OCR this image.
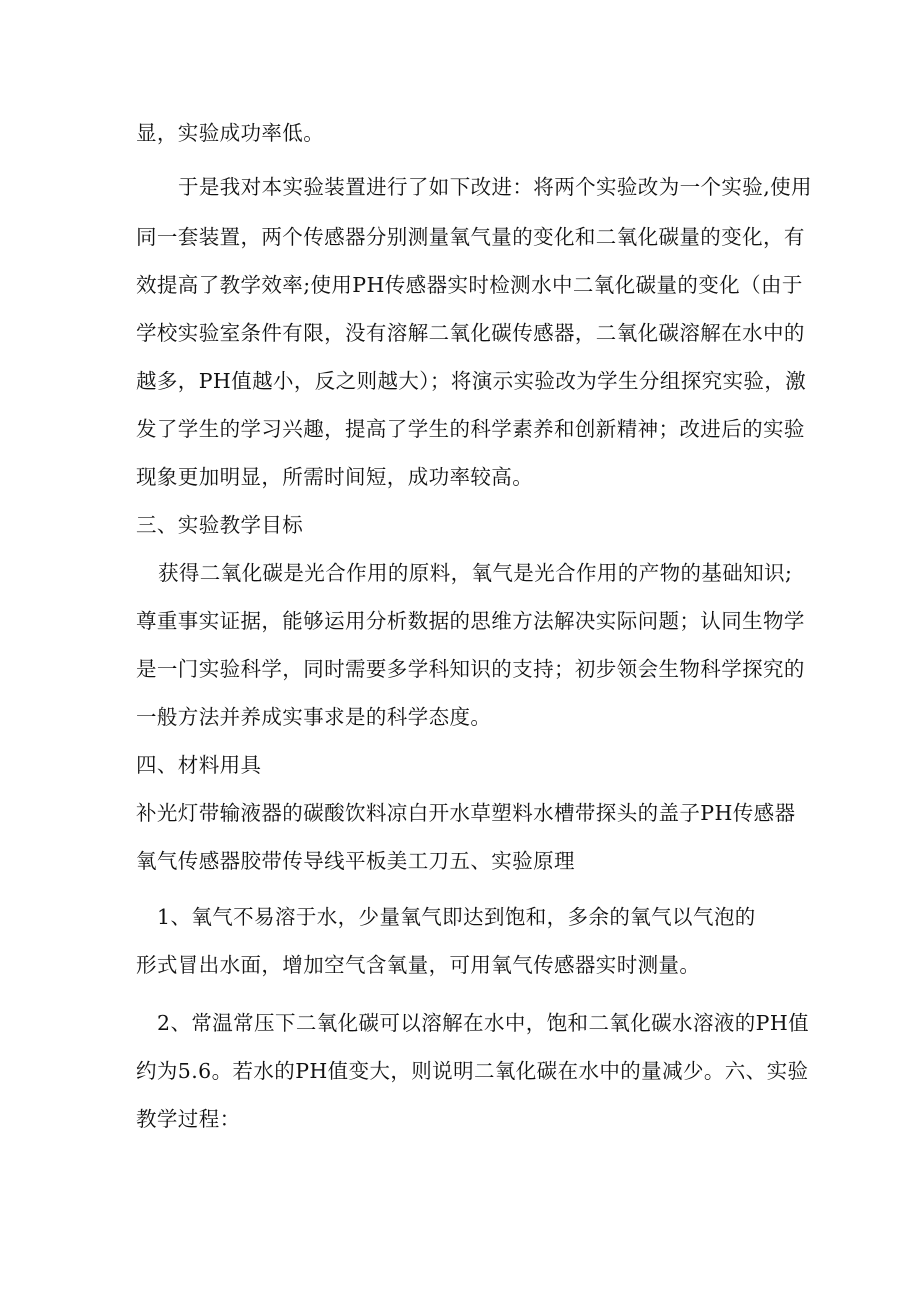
显，实验成功率低。

于是我对本实验装置进行了如下改进：将两个实验改为一个实验,使用

同一套装置，两个传感器分别测量氧气量的变化和二氧化碳量的变化，有

效提高了教学效率;使用PH传感器实时检测水中二氧化碳量的变化（由于

学校实验室条件有限，没有溶解二氧化碳传感器，二氧化碳溶解在水中的

越多，PH值越小，反之则越大）；将演示实验改为学生分组探究实验，激

发了学生的学习兴趣，提高了学生的科学素养和创新精神；改进后的实验

现象更加明显，所需时间短，成功率较高。

三、实验教学目标

获得二氧化碳是光合作用的原料，氧气是光合作用的产物的基础知识;

尊重事实证据，能够运用分析数据的思维方法解决实际问题；认同生物学

是一门实验科学，同时需要多学科知识的支持；初步领会生物科学探究的

一般方法并养成实事求是的科学态度。

四、材料用具

补光灯带输液器的碳酸饮料凉白开水草塑料水槽带探头的盖子PH传感器

氧气传感器胶带传导线平板美工刀五、实验原理

1、氧气不易溶于水，少量氧气即达到饱和，多余的氧气以气泡的

形式冒出水面，增加空气含氧量，可用氧气传感器实时测量。

2、常温常压下二氧化碳可以溶解在水中，饱和二氧化碳水溶液的PH值

约为5.6。若水的PH值变大，则说明二氧化碳在水中的量减少。六、实验

教学过程：
